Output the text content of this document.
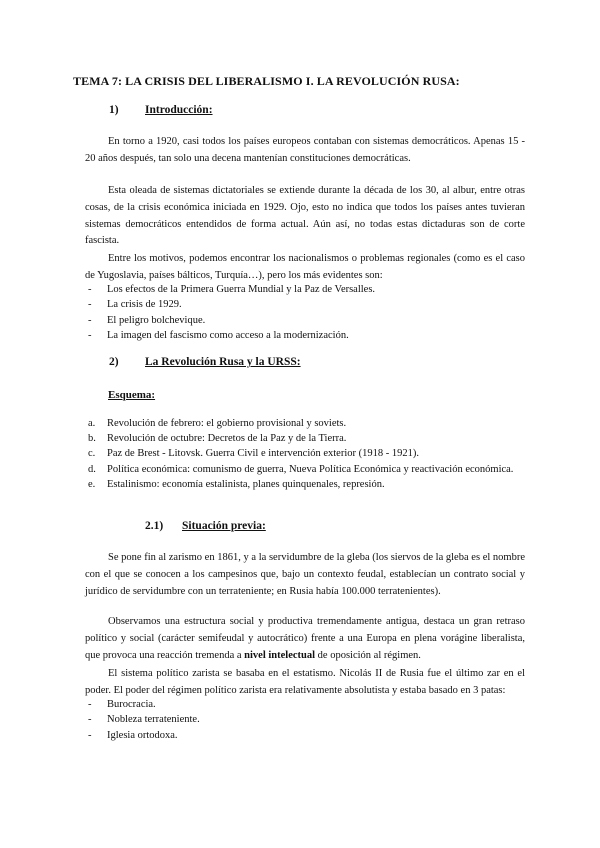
TEMA 7: LA CRISIS DEL LIBERALISMO I. LA REVOLUCIÓN RUSA:
1) Introducción:

En torno a 1920, casi todos los países europeos contaban con sistemas democráticos. Apenas 15 - 20 años después, tan solo una decena mantenían constituciones democráticas.

Esta oleada de sistemas dictatoriales se extiende durante la década de los 30, al albur, entre otras cosas, de la crisis económica iniciada en 1929. Ojo, esto no indica que todos los países antes tuvieran sistemas democráticos entendidos de forma actual. Aún así, no todas estas dictaduras son de corte fascista.

Entre los motivos, podemos encontrar los nacionalismos o problemas regionales (como es el caso de Yugoslavia, países bálticos, Turquía…), pero los más evidentes son:

- Los efectos de la Primera Guerra Mundial y la Paz de Versalles.
- La crisis de 1929.
- El peligro bolchevique.
- La imagen del fascismo como acceso a la modernización.
2) La Revolución Rusa y la URSS:
Esquema:
a. Revolución de febrero: el gobierno provisional y soviets.
b. Revolución de octubre: Decretos de la Paz y de la Tierra.
c. Paz de Brest - Litovsk. Guerra Civil e intervención exterior (1918 - 1921).
d. Política económica: comunismo de guerra, Nueva Política Económica y reactivación económica.
e. Estalinismo: economía estalinista, planes quinquenales, represión.
2.1) Situación previa:

Se pone fin al zarismo en 1861, y a la servidumbre de la gleba (los siervos de la gleba es el nombre con el que se conocen a los campesinos que, bajo un contexto feudal, establecían un contrato social y jurídico de servidumbre con un terrateniente; en Rusia había 100.000 terratenientes).

Observamos una estructura social y productiva tremendamente antigua, destaca un gran retraso político y social (carácter semifeudal y autocrático) frente a una Europa en plena vorágine liberalista, que provoca una reacción tremenda a nivel intelectual de oposición al régimen.

El sistema político zarista se basaba en el estatismo. Nicolás II de Rusia fue el último zar en el poder. El poder del régimen político zarista era relativamente absolutista y estaba basado en 3 patas:

- Burocracia.
- Nobleza terrateniente.
- Iglesia ortodoxa.
